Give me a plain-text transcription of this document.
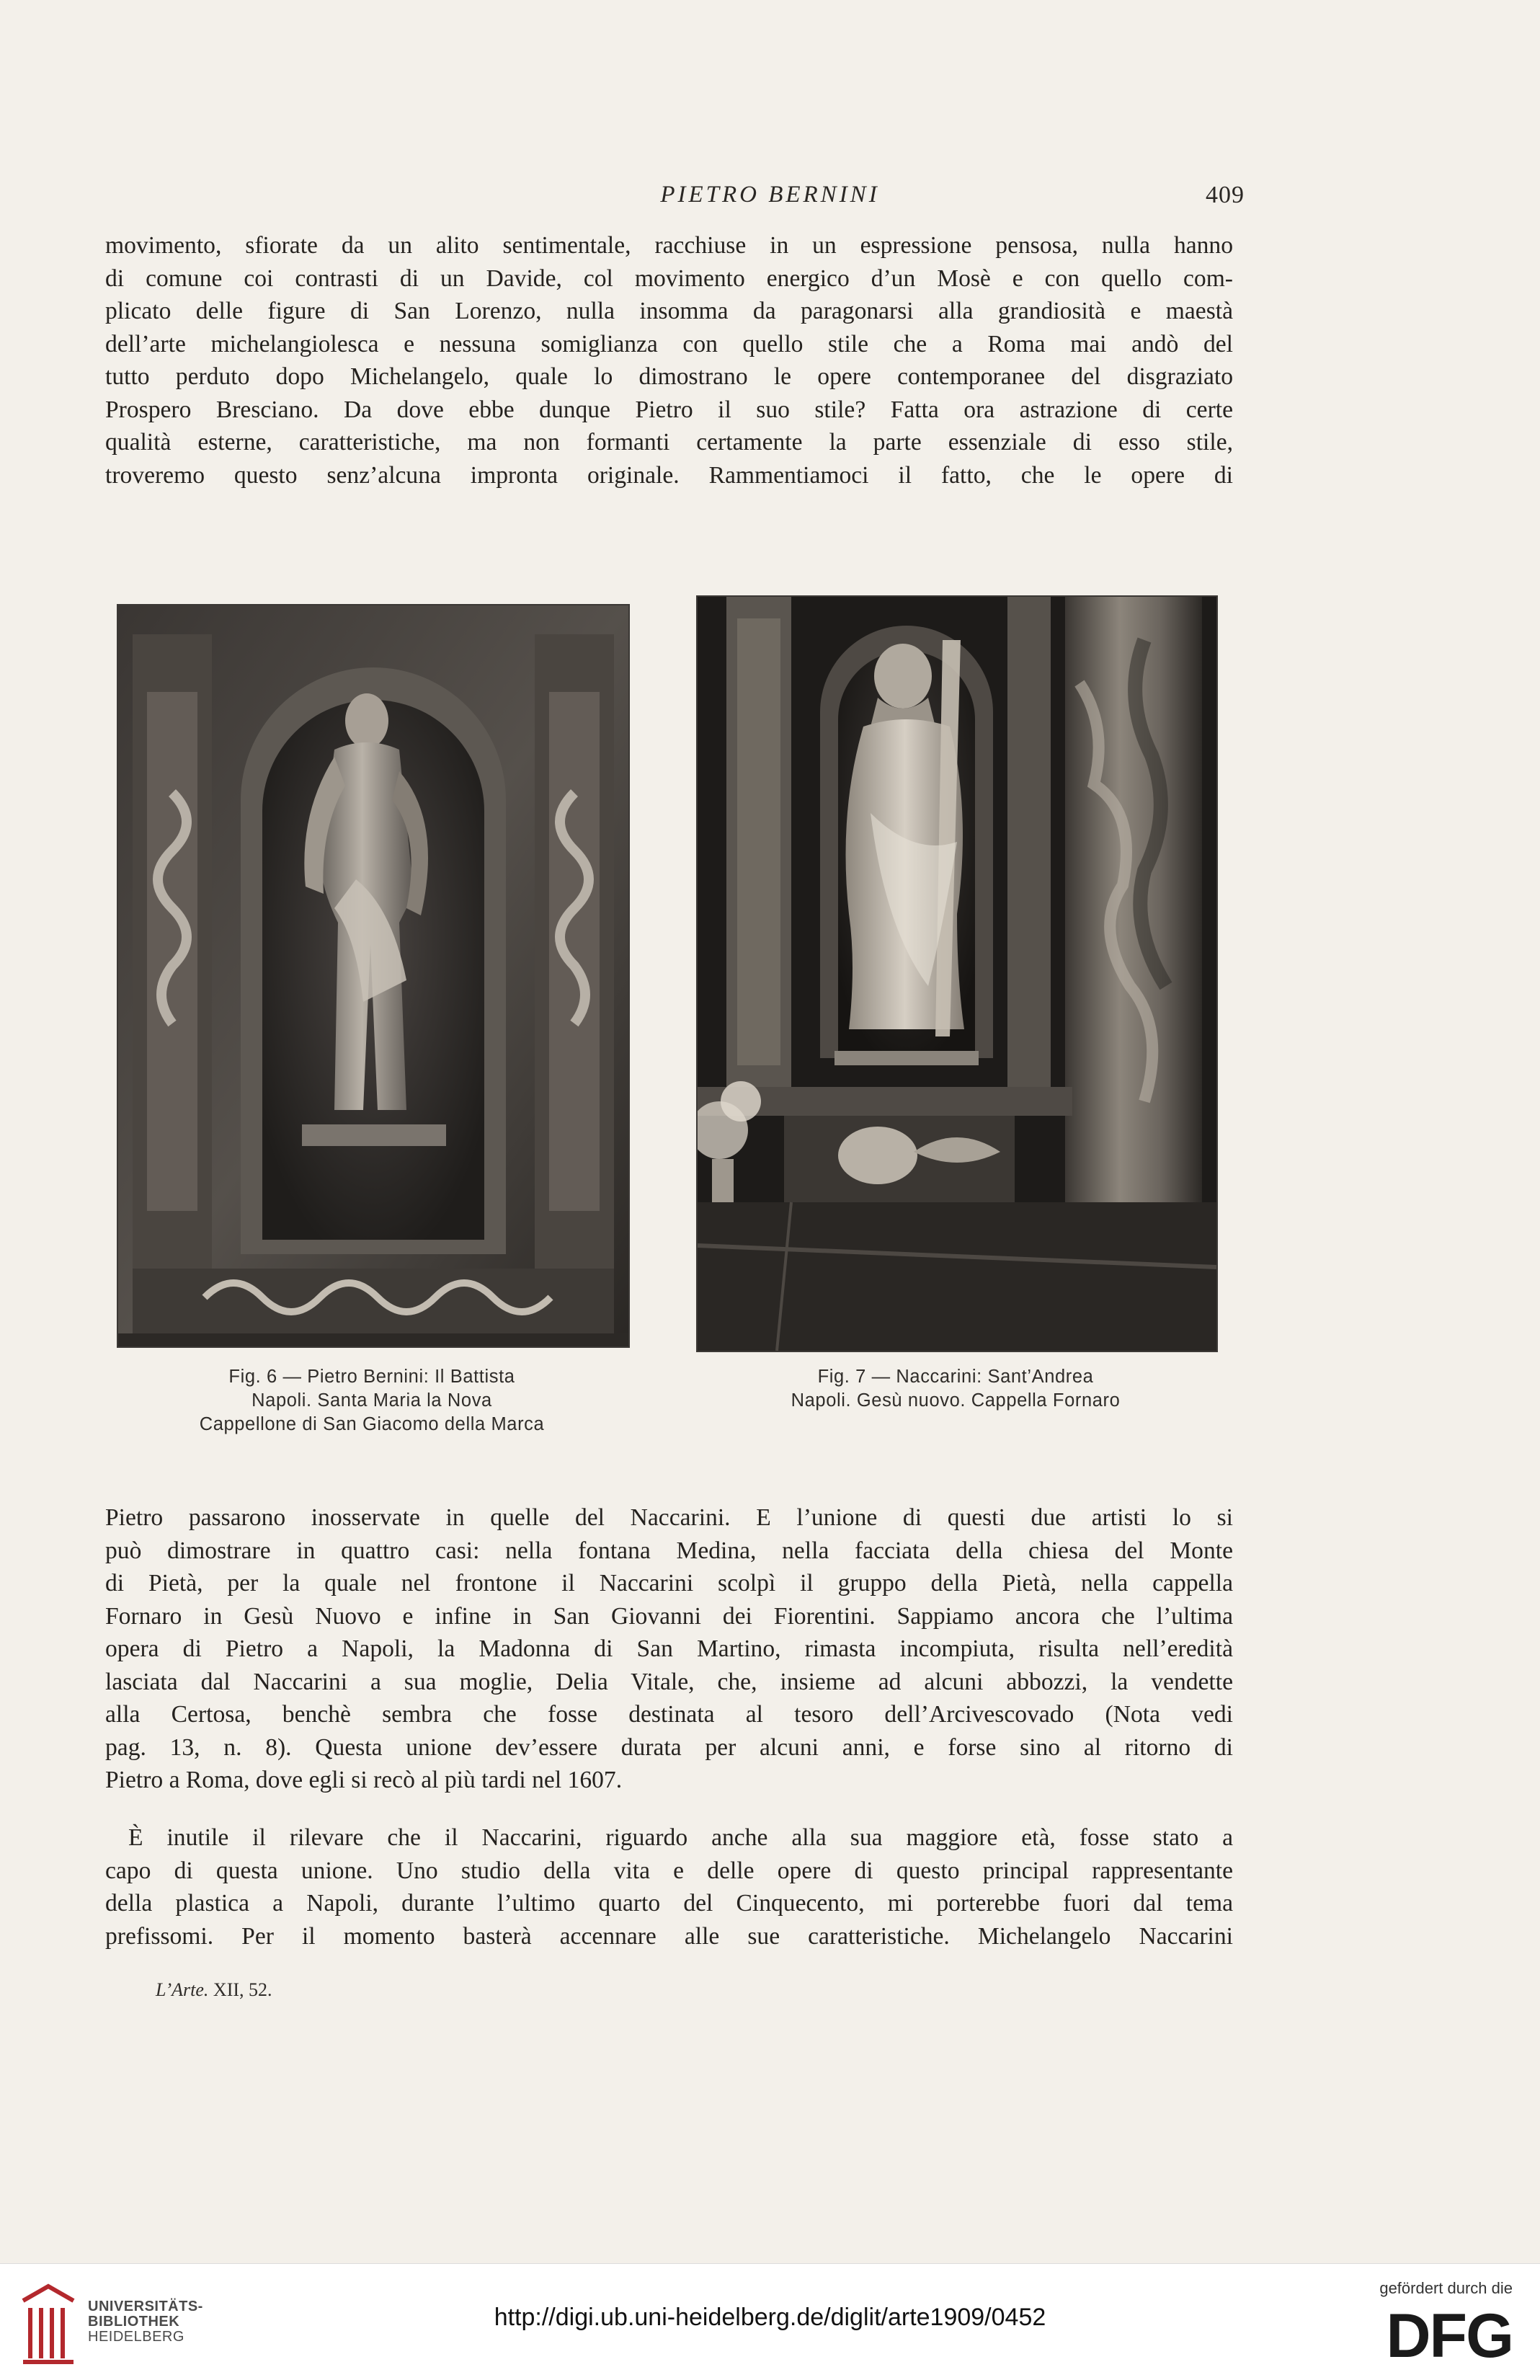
PIETRO BERNINI	409

movimento, sfiorate da un alito sentimentale, racchiuse in un espressione pensosa, nulla hanno
di comune coi contrasti di un Davide, col movimento energico d’un Mosè e con quello com-
plicato delle figure di San Lorenzo, nulla insomma da paragonarsi alla grandiosità e maestà
dell’arte michelangiolesca e nessuna somiglianza con quello stile che a Roma mai andò del
tutto perduto dopo Michelangelo, quale lo dimostrano le opere contemporanee del disgraziato
Prospero Bresciano. Da dove ebbe dunque Pietro il suo stile? Fatta ora astrazione di certe
qualità esterne, caratteristiche, ma non formanti certamente la parte essenziale di esso stile,
troveremo questo senz’alcuna impronta originale. Rammentiamoci il fatto, che le opere di

Fig. 6 — Pietro Bernini: Il Battista
Napoli. Santa Maria la Nova
Cappellone di San Giacomo della Marca
Fig. 7 — Naccarini: Sant’Andrea
Napoli. Gesù nuovo. Cappella Fornaro

Pietro passarono inosservate in quelle del Naccarini. E l’unione di questi due artisti lo si
può dimostrare in quattro casi: nella fontana Medina, nella facciata della chiesa del Monte
di Pietà, per la quale nel frontone il Naccarini scolpì il gruppo della Pietà, nella cappella
Fornaro in Gesù Nuovo e infine in San Giovanni dei Fiorentini. Sappiamo ancora che l’ultima
opera di Pietro a Napoli, la Madonna di San Martino, rimasta incompiuta, risulta nell’eredità
lasciata dal Naccarini a sua moglie, Delia Vitale, che, insieme ad alcuni abbozzi, la vendette
alla Certosa, benchè sembra che fosse destinata al tesoro dell’Arcivescovado (Nota vedi
pag. 13, n. 8). Questa unione dev’essere durata per alcuni anni, e forse sino al ritorno di
Pietro a Roma, dove egli si recò al più tardi nel 1607.

È inutile il rilevare che il Naccarini, riguardo anche alla sua maggiore età, fosse stato a
capo di questa unione. Uno studio della vita e delle opere di questo principal rappresentante
della plastica a Napoli, durante l’ultimo quarto del Cinquecento, mi porterebbe fuori dal tema
prefissomi. Per il momento basterà accennare alle sue caratteristiche. Michelangelo Naccarini

L’Arte. XII, 52.
UNIVERSITÄTS-
BIBLIOTHEK
HEIDELBERG
http://digi.ub.uni-heidelberg.de/diglit/arte1909/0452
gefördert durch die
DFG
